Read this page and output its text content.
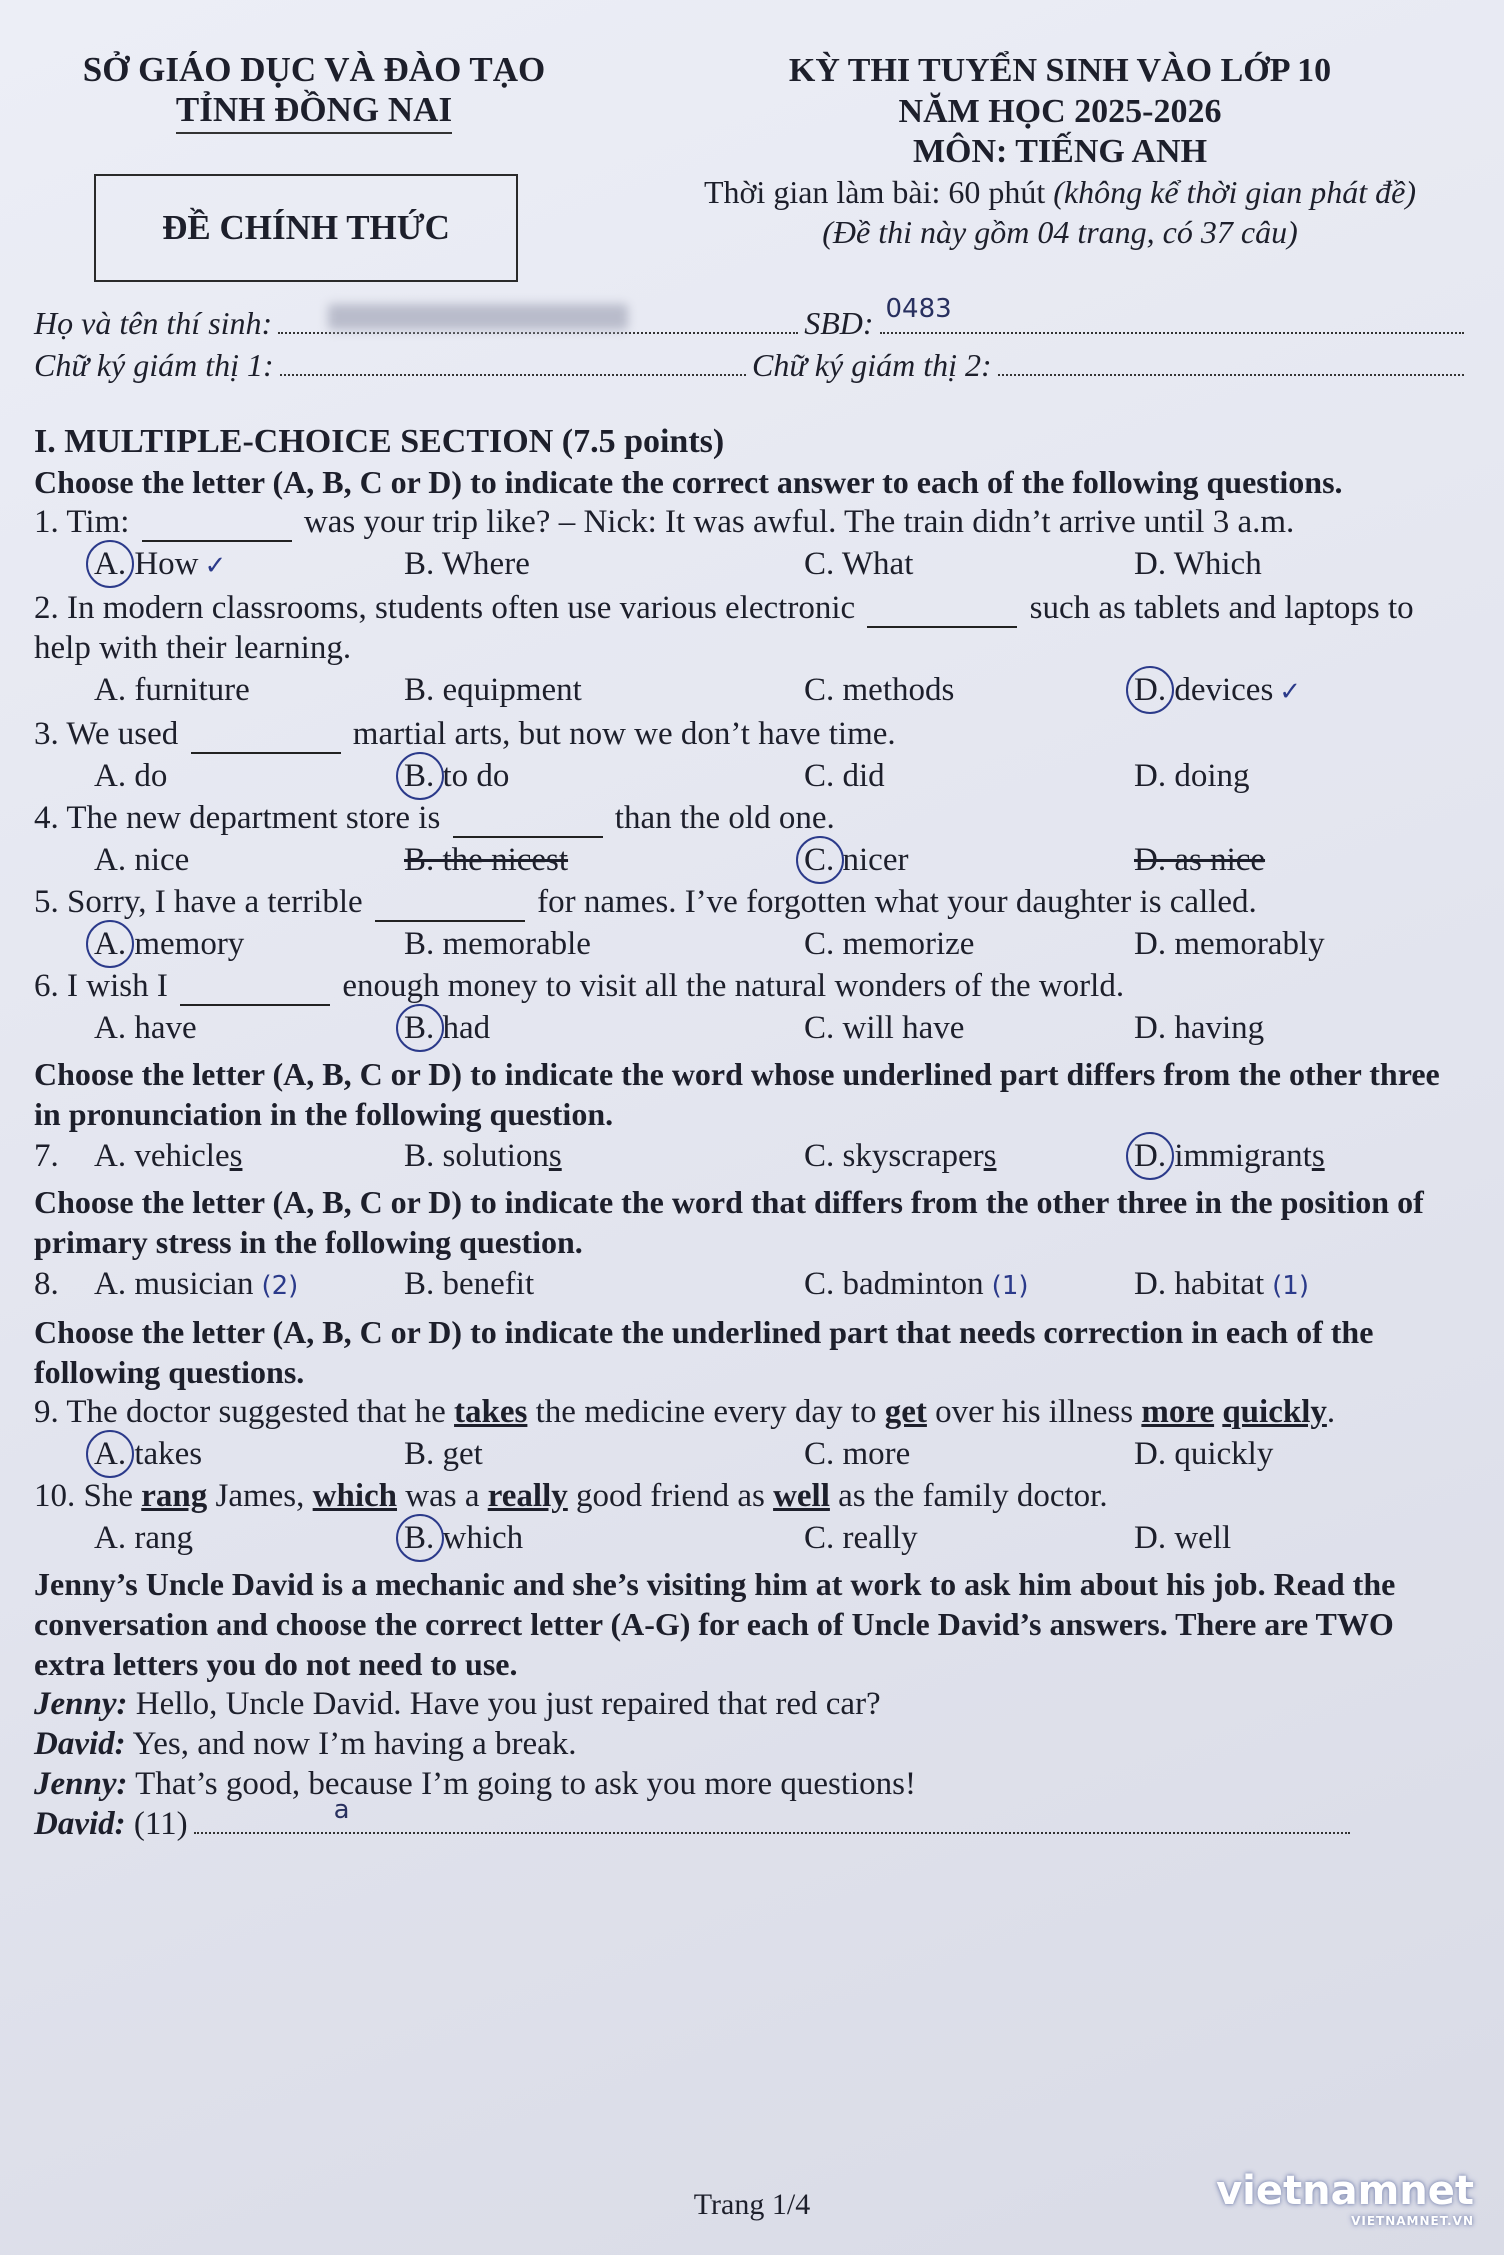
SỞ GIÁO DỤC VÀ ĐÀO TẠO
TỈNH ĐỒNG NAI
ĐỀ CHÍNH THỨC
KỲ THI TUYỂN SINH VÀO LỚP 10
NĂM HỌC 2025-2026
MÔN: TIẾNG ANH
Thời gian làm bài: 60 phút (không kể thời gian phát đề)
(Đề thi này gồm 04 trang, có 37 câu)
Họ và tên thí sinh:	SBD: 0483
Chữ ký giám thị 1:	Chữ ký giám thị 2:
I. MULTIPLE-CHOICE SECTION (7.5 points)
Choose the letter (A, B, C or D) to indicate the correct answer to each of the following questions.
1. Tim:	was your trip like? – Nick: It was awful. The train didn’t arrive until 3 a.m.
A. How ✓	B. Where	C. What	D. Which
2. In modern classrooms, students often use various electronic	such as tablets and laptops to help with their learning.
A. furniture	B. equipment	C. methods	D. devices ✓
3. We used	martial arts, but now we don’t have time.
A. do	B. to do	C. did	D. doing
4. The new department store is	than the old one.
A. nice	B. the nicest	C. nicer	D. as nice
5. Sorry, I have a terrible	for names. I’ve forgotten what your daughter is called.
A. memory	B. memorable	C. memorize	D. memorably
6. I wish I	enough money to visit all the natural wonders of the world.
A. have	B. had	C. will have	D. having
Choose the letter (A, B, C or D) to indicate the word whose underlined part differs from the other three in pronunciation in the following question.
7.	A. vehicles	B. solutions	C. skyscrapers	D. immigrants
Choose the letter (A, B, C or D) to indicate the word that differs from the other three in the position of primary stress in the following question.
8.	A. musician (2)	B. benefit	C. badminton (1)	D. habitat (1)
Choose the letter (A, B, C or D) to indicate the underlined part that needs correction in each of the following questions.
9. The doctor suggested that he takes the medicine every day to get over his illness more quickly.
A. takes	B. get	C. more	D. quickly
10. She rang James, which was a really good friend as well as the family doctor.
A. rang	B. which	C. really	D. well
Jenny’s Uncle David is a mechanic and she’s visiting him at work to ask him about his job. Read the conversation and choose the correct letter (A-G) for each of Uncle David’s answers. There are TWO extra letters you do not need to use.
Jenny: Hello, Uncle David. Have you just repaired that red car?
David: Yes, and now I’m having a break.
Jenny: That’s good, because I’m going to ask you more questions!
David:
(11)	a
Trang 1/4	vietnamnet
VIETNAMNET.VN
